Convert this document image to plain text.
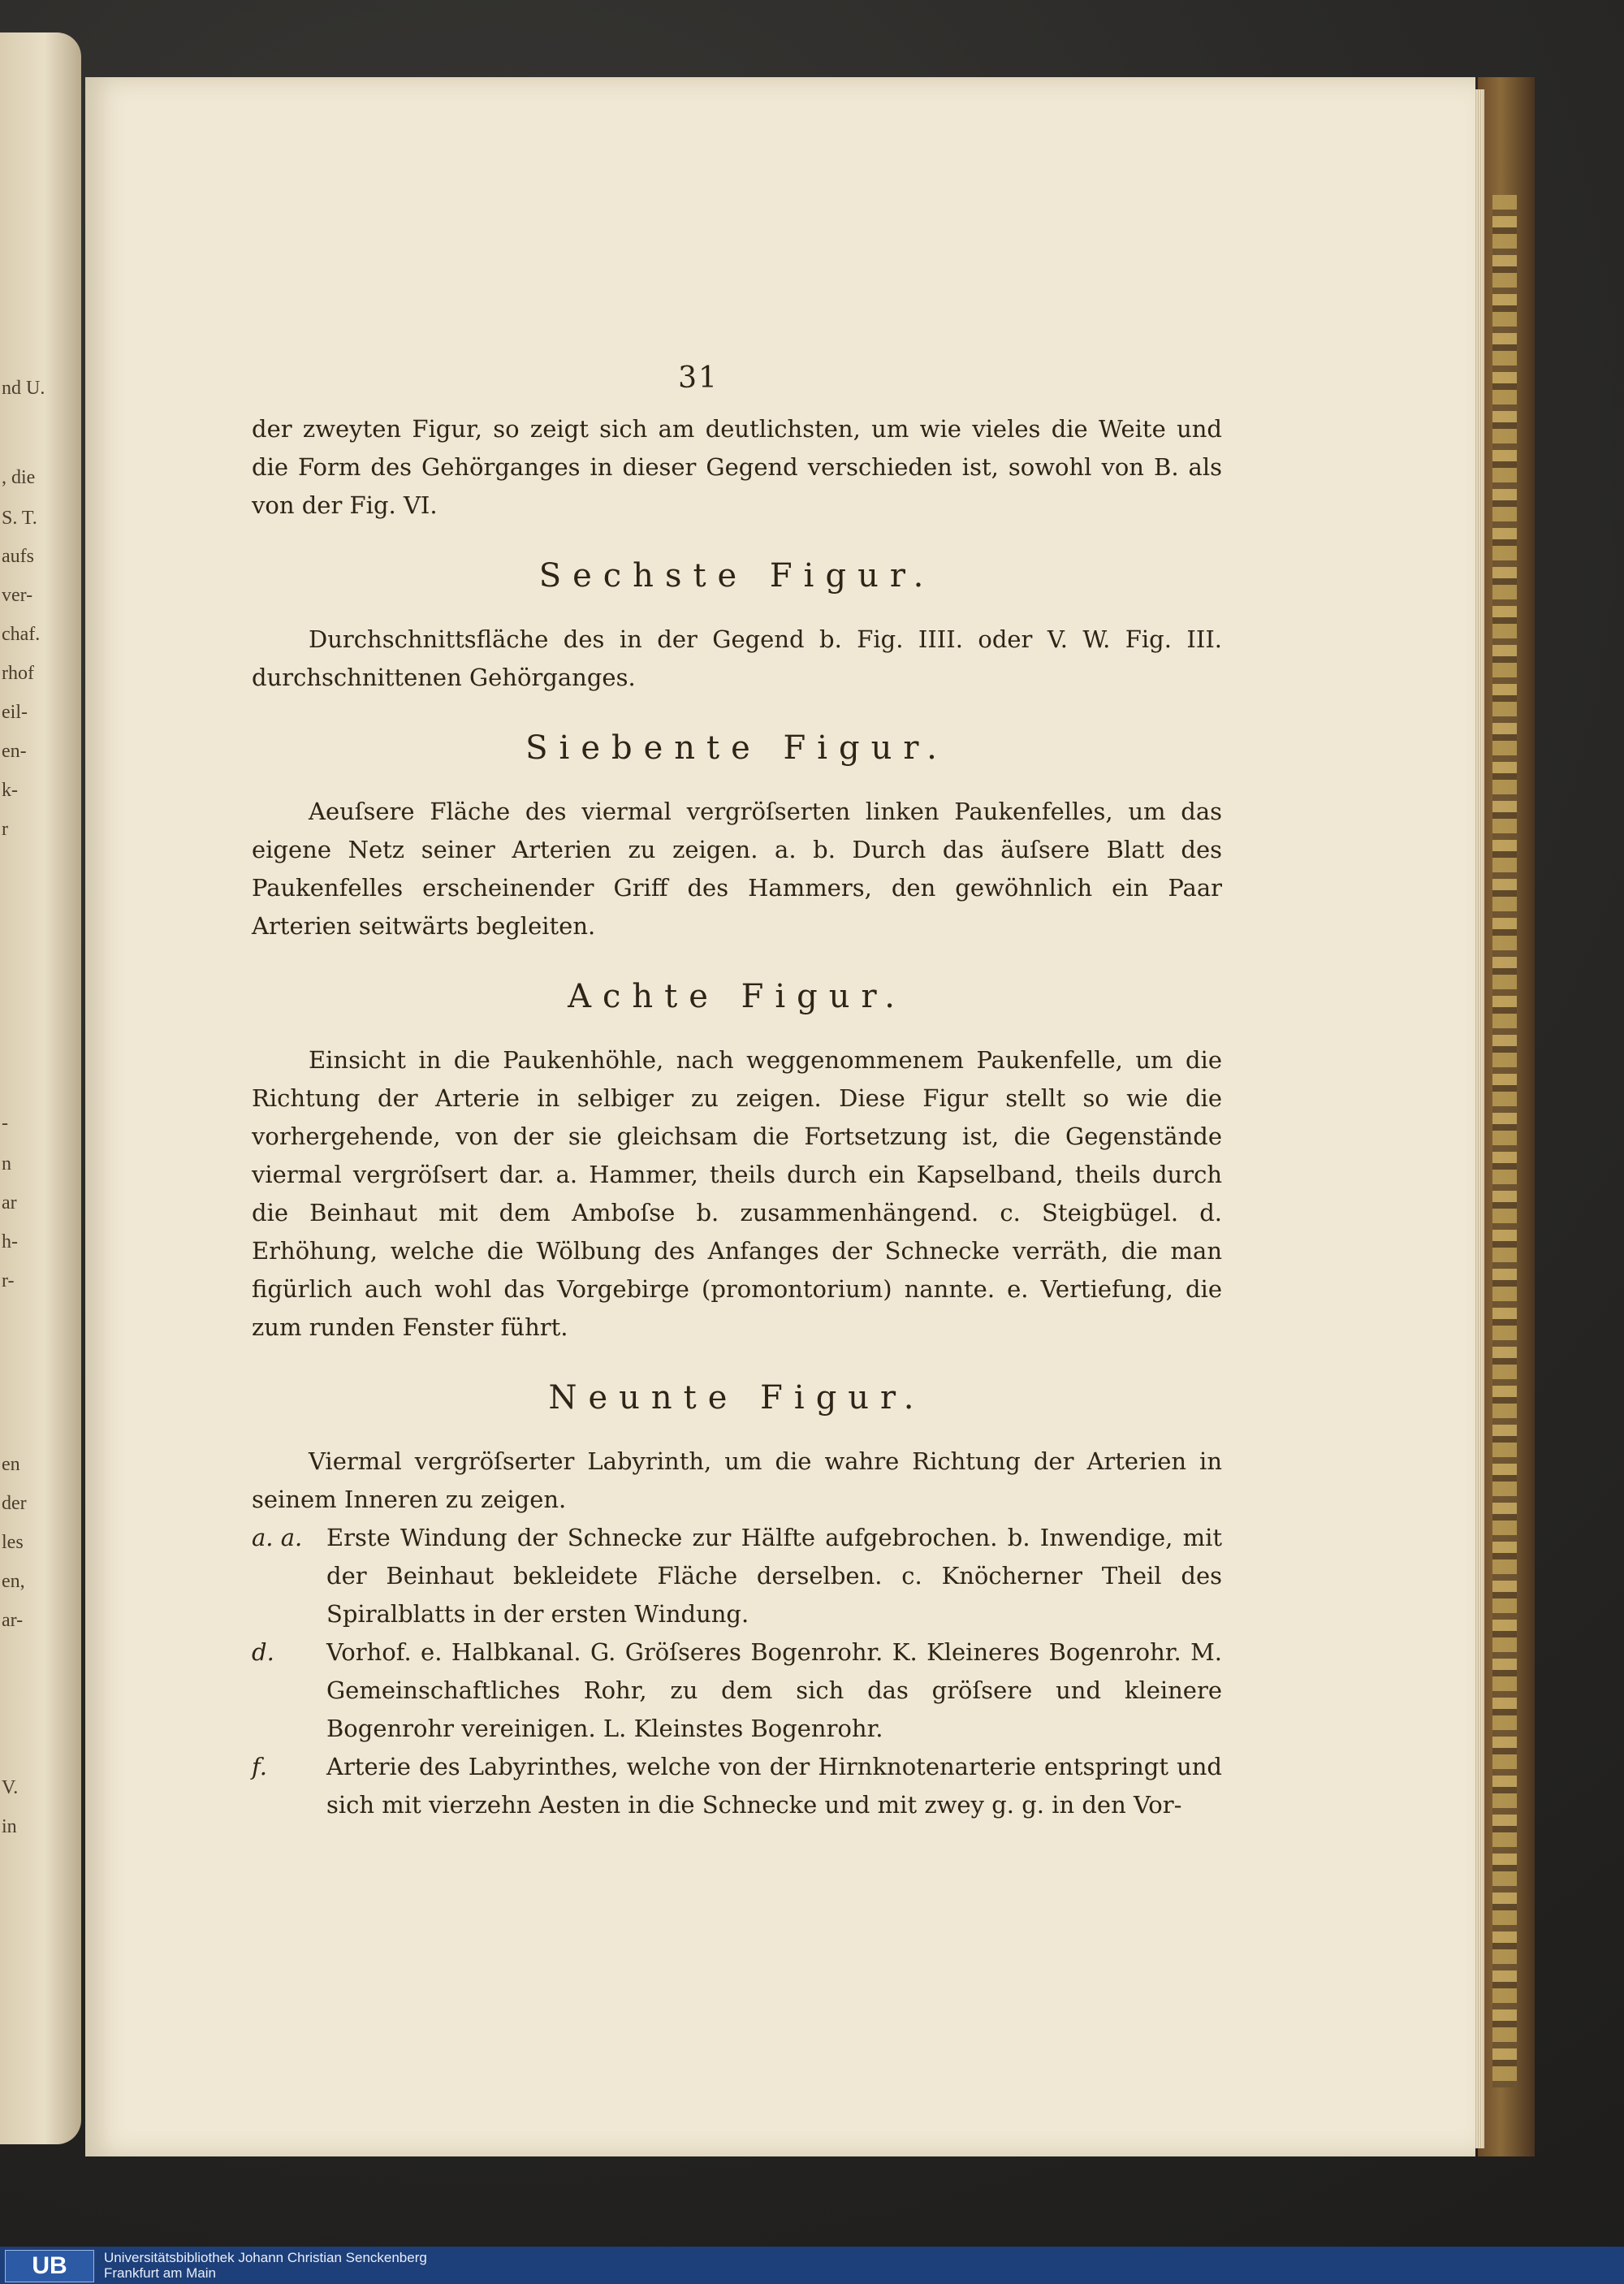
nd U.
, die
S. T.
aufs
ver-
chaf.
rhof
eil-
en-
k-
r
-
n
ar
h-
r-
en
der
les
en,
ar-
V.
in
31

der zweyten Figur, so zeigt sich am deutlichsten, um wie vieles die Weite und die Form des Gehörganges in dieser Gegend verschieden ist, sowohl von B. als von der Fig. VI.

Sechste Figur.

Durchschnittsfläche des in der Gegend b. Fig. IIII. oder V. W. Fig. III. durchschnittenen Gehörganges.

Siebente Figur.

Aeuſsere Fläche des viermal vergröſserten linken Paukenfelles, um das eigene Netz seiner Arterien zu zeigen. a. b. Durch das äuſsere Blatt des Paukenfelles erscheinender Griff des Hammers, den gewöhnlich ein Paar Arterien seitwärts begleiten.

Achte Figur.

Einsicht in die Paukenhöhle, nach weggenommenem Paukenfelle, um die Richtung der Arterie in selbiger zu zeigen. Diese Figur stellt so wie die vorhergehende, von der sie gleichsam die Fortsetzung ist, die Gegenstände viermal vergröſsert dar. a. Hammer, theils durch ein Kapselband, theils durch die Beinhaut mit dem Amboſse b. zusammenhängend. c. Steigbügel. d. Erhöhung, welche die Wölbung des Anfanges der Schnecke verräth, die man figürlich auch wohl das Vorgebirge (promontorium) nannte. e. Vertiefung, die zum runden Fenster führt.

Neunte Figur.

Viermal vergröſserter Labyrinth, um die wahre Richtung der Arterien in seinem Inneren zu zeigen.

a. a.	Erste Windung der Schnecke zur Hälfte aufgebrochen. b. Inwendige, mit der Beinhaut bekleidete Fläche derselben. c. Knöcherner Theil des Spiralblatts in der ersten Windung.
d.	Vorhof. e. Halbkanal. G. Gröſseres Bogenrohr. K. Kleineres Bogenrohr. M. Gemeinschaftliches Rohr, zu dem sich das gröſsere und kleinere Bogenrohr vereinigen. L. Kleinstes Bogenrohr.
f.	Arterie des Labyrinthes, welche von der Hirnknotenarterie entspringt und sich mit vierzehn Aesten in die Schnecke und mit zwey g. g. in den Vor-
UB	Universitätsbibliothek Johann Christian Senckenberg
Frankfurt am Main
